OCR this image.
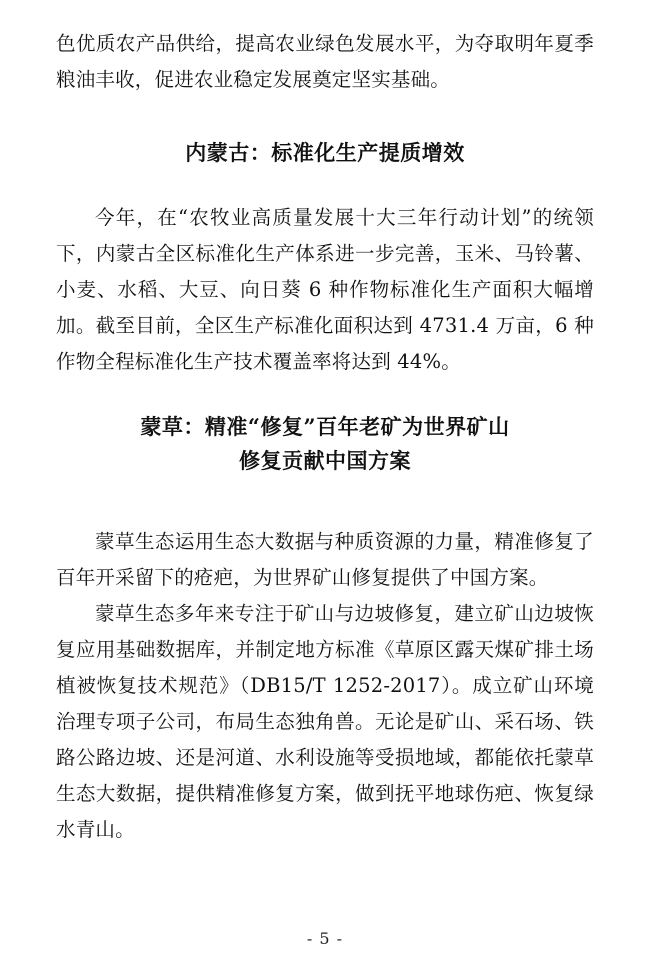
色优质农产品供给，提高农业绿色发展水平，为夺取明年夏季粮油丰收，促进农业稳定发展奠定坚实基础。

内蒙古：标准化生产提质增效

今年，在“农牧业高质量发展十大三年行动计划”的统领下，内蒙古全区标准化生产体系进一步完善，玉米、马铃薯、小麦、水稻、大豆、向日葵 6 种作物标准化生产面积大幅增加。截至目前，全区生产标准化面积达到 4731.4 万亩，6 种作物全程标准化生产技术覆盖率将达到 44%。

蒙草：精准“修复”百年老矿为世界矿山
修复贡献中国方案

蒙草生态运用生态大数据与种质资源的力量，精准修复了百年开采留下的疮疤，为世界矿山修复提供了中国方案。

蒙草生态多年来专注于矿山与边坡修复，建立矿山边坡恢复应用基础数据库，并制定地方标准《草原区露天煤矿排土场植被恢复技术规范》（DB15/T 1252-2017）。成立矿山环境治理专项子公司，布局生态独角兽。无论是矿山、采石场、铁路公路边坡、还是河道、水利设施等受损地域，都能依托蒙草生态大数据，提供精准修复方案，做到抚平地球伤疤、恢复绿水青山。

- 5 -
